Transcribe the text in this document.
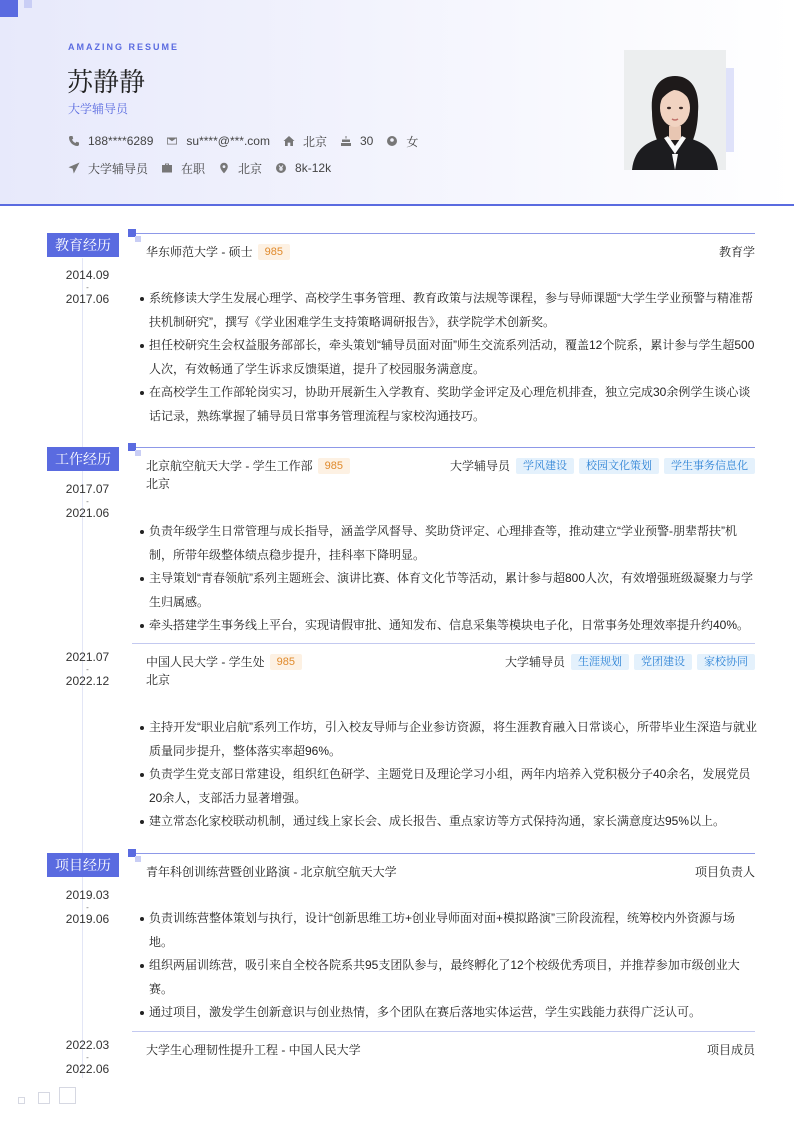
AMAZING RESUME
苏静静
大学辅导员
188****6289	su****@***.com	北京	30	女
大学辅导员	在职	北京	8k-12k
教育经历
2014.09
-
2017.06
华东师范大学 - 硕士	985	教育学
系统修读大学生发展心理学、高校学生事务管理、教育政策与法规等课程，参与导师课题“大学生学业预警与精准帮扶机制研究”，撰写《学业困难学生支持策略调研报告》，获学院学术创新奖。
担任校研究生会权益服务部部长，牵头策划“辅导员面对面”师生交流系列活动，覆盖12个院系，累计参与学生超500人次，有效畅通了学生诉求反馈渠道，提升了校园服务满意度。
在高校学生工作部轮岗实习，协助开展新生入学教育、奖助学金评定及心理危机排查，独立完成30余例学生谈心谈话记录，熟练掌握了辅导员日常事务管理流程与家校沟通技巧。
工作经历
2017.07
-
2021.06
北京航空航天大学 - 学生工作部	985
北京
大学辅导员	学风建设	校园文化策划	学生事务信息化
负责年级学生日常管理与成长指导，涵盖学风督导、奖助贷评定、心理排查等，推动建立“学业预警-朋辈帮扶”机制，所带年级整体绩点稳步提升，挂科率下降明显。
主导策划“青春领航”系列主题班会、演讲比赛、体育文化节等活动，累计参与超800人次，有效增强班级凝聚力与学生归属感。
牵头搭建学生事务线上平台，实现请假审批、通知发布、信息采集等模块电子化，日常事务处理效率提升约40%。
2021.07
-
2022.12
中国人民大学 - 学生处	985
北京
大学辅导员	生涯规划	党团建设	家校协同
主持开发“职业启航”系列工作坊，引入校友导师与企业参访资源，将生涯教育融入日常谈心，所带毕业生深造与就业质量同步提升，整体落实率超96%。
负责学生党支部日常建设，组织红色研学、主题党日及理论学习小组，两年内培养入党积极分子40余名，发展党员20余人，支部活力显著增强。
建立常态化家校联动机制，通过线上家长会、成长报告、重点家访等方式保持沟通，家长满意度达95%以上。
项目经历
2019.03
-
2019.06
青年科创训练营暨创业路演 - 北京航空航天大学	项目负责人
负责训练营整体策划与执行，设计“创新思维工坊+创业导师面对面+模拟路演”三阶段流程，统筹校内外资源与场地。
组织两届训练营，吸引来自全校各院系共95支团队参与，最终孵化了12个校级优秀项目，并推荐参加市级创业大赛。
通过项目，激发学生创新意识与创业热情，多个团队在赛后落地实体运营，学生实践能力获得广泛认可。
2022.03
-
2022.06
大学生心理韧性提升工程 - 中国人民大学	项目成员
